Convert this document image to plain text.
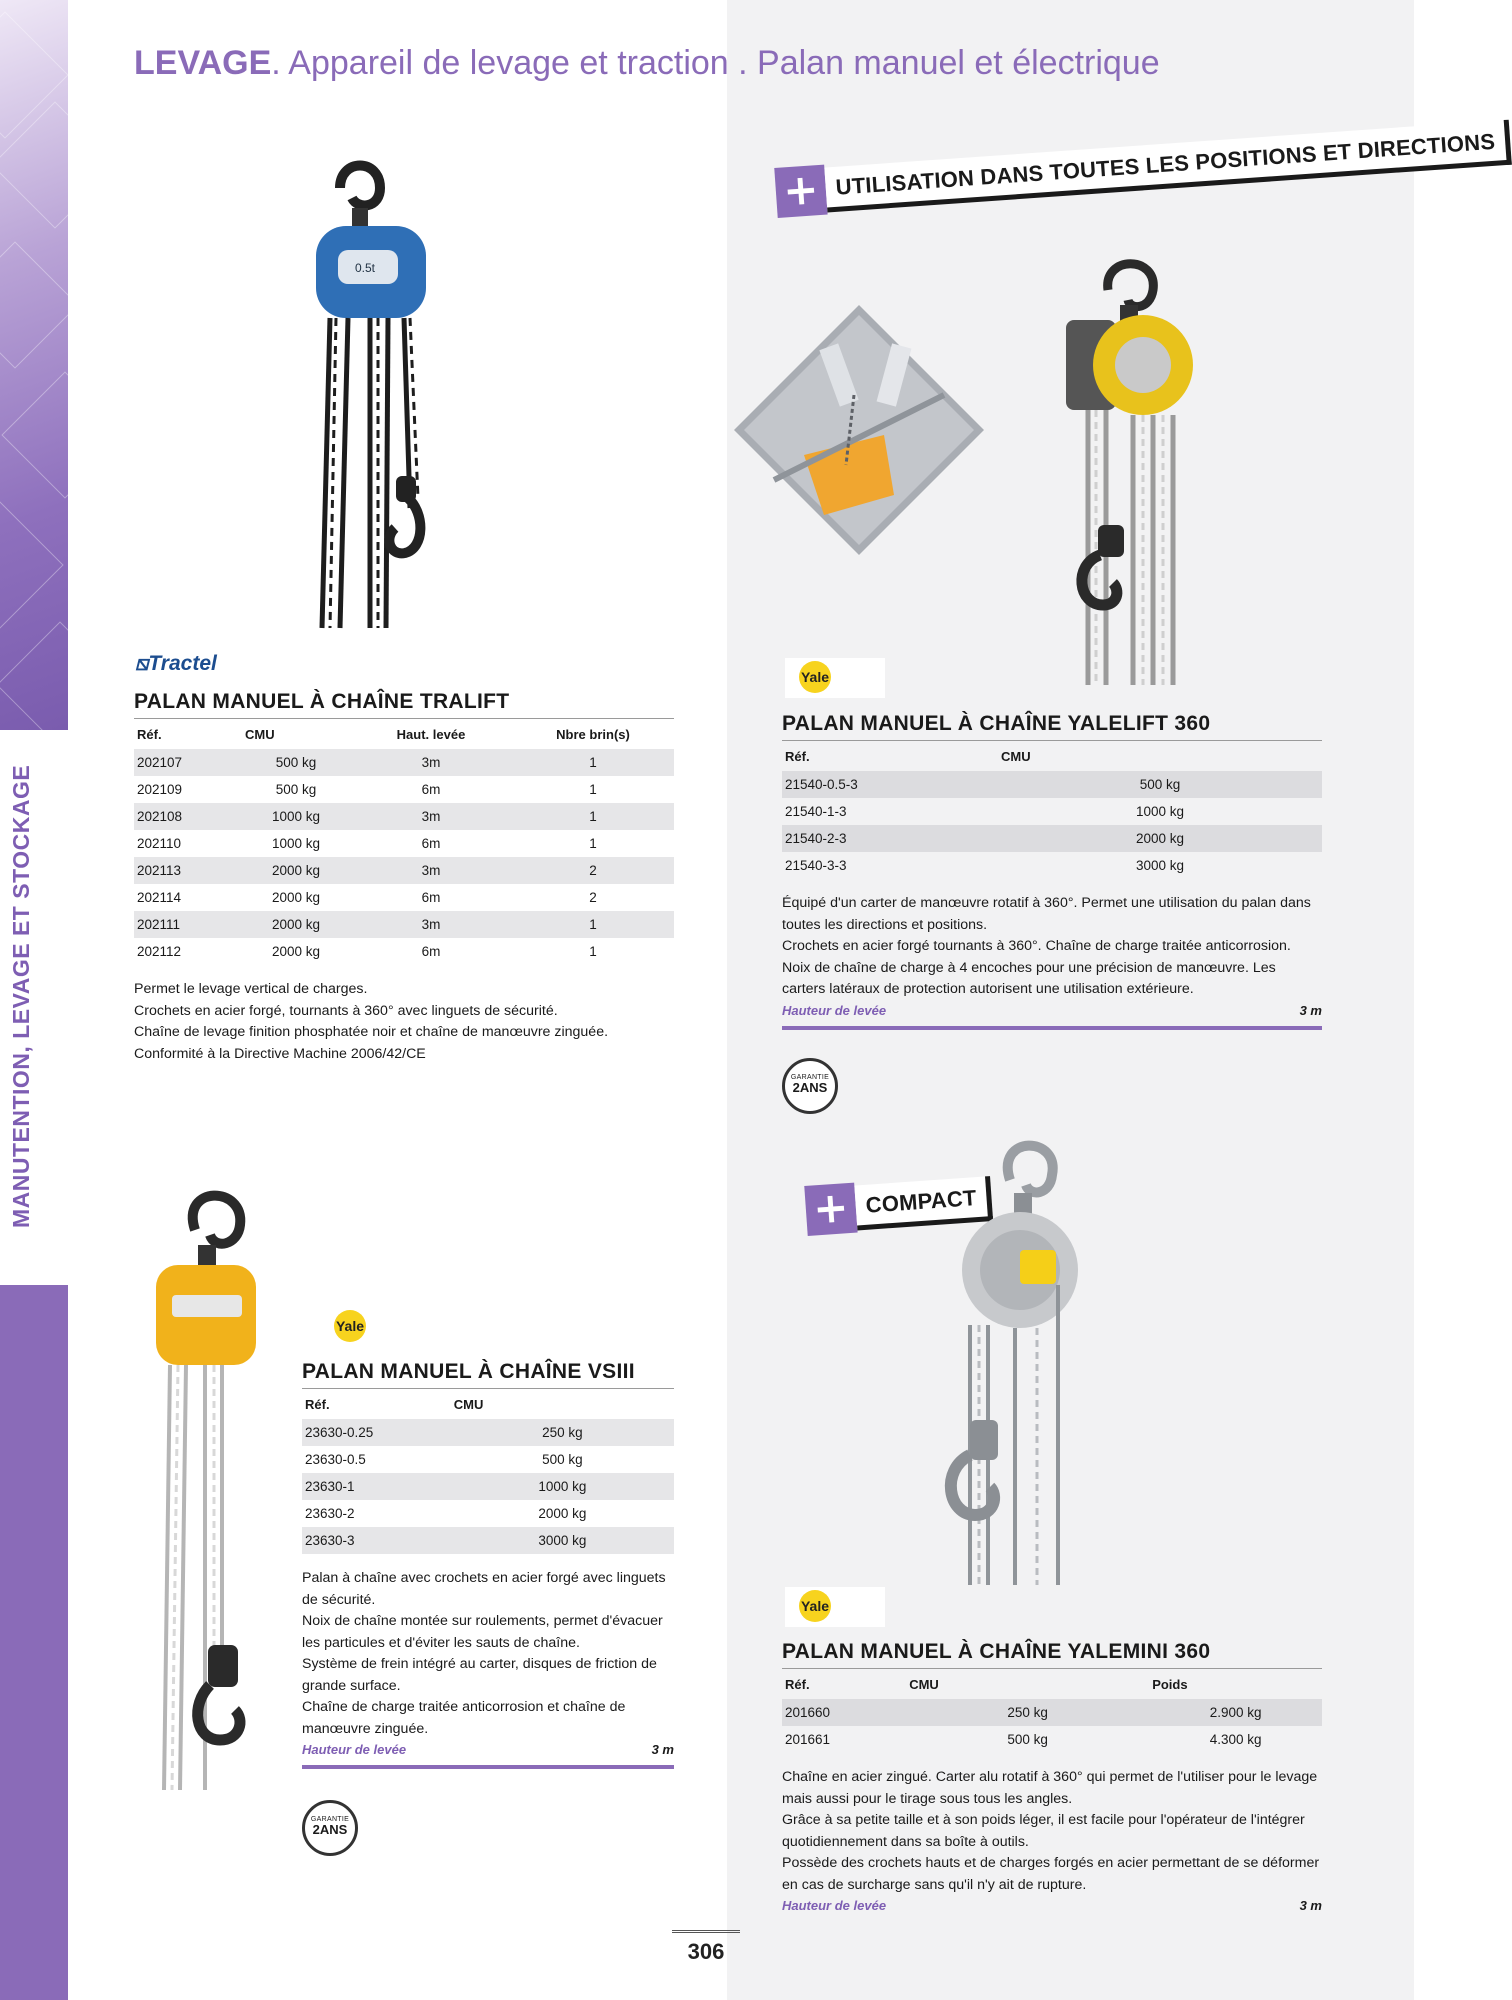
MANUTENTION, LEVAGE ET STOCKAGE
LEVAGE. Appareil de levage et traction . Palan manuel et électrique
0.5t
⧅Tractel
PALAN MANUEL À CHAÎNE TRALIFT
Réf.	CMU	Haut. levée	Nbre brin(s)
202107	500 kg	3m	1
202109	500 kg	6m	1
202108	1000 kg	3m	1
202110	1000 kg	6m	1
202113	2000 kg	3m	2
202114	2000 kg	6m	2
202111	2000 kg	3m	1
202112	2000 kg	6m	1
Permet le levage vertical de charges.
Crochets en acier forgé, tournants à 360° avec linguets de sécurité.
Chaîne de levage finition phosphatée noir et chaîne de manœuvre zinguée.
Conformité à la Directive Machine 2006/42/CE
+ UTILISATION DANS TOUTES LES POSITIONS ET DIRECTIONS
Yale
PALAN MANUEL À CHAÎNE YALELIFT 360
Réf.	CMU
21540-0.5-3	500 kg
21540-1-3	1000 kg
21540-2-3	2000 kg
21540-3-3	3000 kg
Équipé d'un carter de manœuvre rotatif à 360°. Permet une utilisation du palan dans toutes les directions et positions.
Crochets en acier forgé tournants à 360°. Chaîne de charge traitée anticorrosion.
Noix de chaîne de charge à 4 encoches pour une précision de manœuvre. Les carters latéraux de protection autorisent une utilisation extérieure.
Hauteur de levée	3 m
GARANTIE
2ANS
Yale
PALAN MANUEL À CHAÎNE VSIII
Réf.	CMU
23630-0.25	250 kg
23630-0.5	500 kg
23630-1	1000 kg
23630-2	2000 kg
23630-3	3000 kg
Palan à chaîne avec crochets en acier forgé avec linguets de sécurité.
Noix de chaîne montée sur roulements, permet d'évacuer les particules et d'éviter les sauts de chaîne.
Système de frein intégré au carter, disques de friction de grande surface.
Chaîne de charge traitée anticorrosion et chaîne de manœuvre zinguée.
Hauteur de levée	3 m
GARANTIE
2ANS
+ COMPACT
Yale
PALAN MANUEL À CHAÎNE YALEMINI 360
Réf.	CMU	Poids
201660	250 kg	2.900 kg
201661	500 kg	4.300 kg
Chaîne en acier zingué. Carter alu rotatif à 360° qui permet de l'utiliser pour le levage mais aussi pour le tirage sous tous les angles.
Grâce à sa petite taille et à son poids léger, il est facile pour l'opérateur de l'intégrer quotidiennement dans sa boîte à outils.
Possède des crochets hauts et de charges forgés en acier permettant de se déformer en cas de surcharge sans qu'il n'y ait de rupture.
Hauteur de levée	3 m
306
